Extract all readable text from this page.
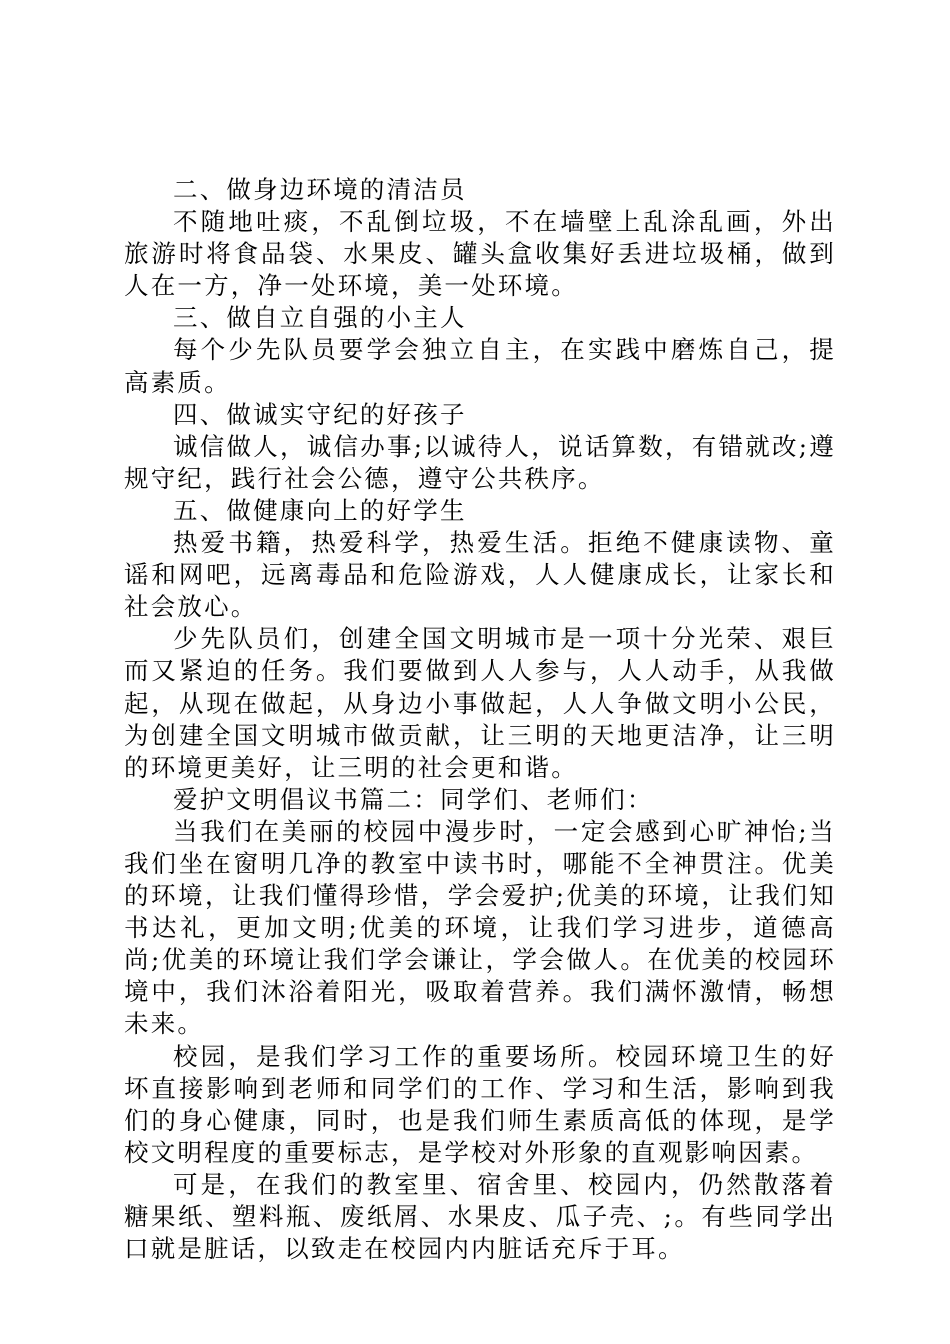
二、做身边环境的清洁员

不随地吐痰，不乱倒垃圾，不在墙壁上乱涂乱画，外出旅游时将食品袋、水果皮、罐头盒收集好丢进垃圾桶，做到人在一方，净一处环境，美一处环境。

三、做自立自强的小主人

每个少先队员要学会独立自主，在实践中磨炼自己，提高素质。

四、做诚实守纪的好孩子

诚信做人，诚信办事;以诚待人，说话算数，有错就改;遵规守纪，践行社会公德，遵守公共秩序。

五、做健康向上的好学生

热爱书籍，热爱科学，热爱生活。拒绝不健康读物、童谣和网吧，远离毒品和危险游戏，人人健康成长，让家长和社会放心。

少先队员们，创建全国文明城市是一项十分光荣、艰巨而又紧迫的任务。我们要做到人人参与，人人动手，从我做起，从现在做起，从身边小事做起，人人争做文明小公民，为创建全国文明城市做贡献，让三明的天地更洁净，让三明的环境更美好，让三明的社会更和谐。

爱护文明倡议书篇二：同学们、老师们：

当我们在美丽的校园中漫步时，一定会感到心旷神怡;当我们坐在窗明几净的教室中读书时，哪能不全神贯注。优美的环境，让我们懂得珍惜，学会爱护;优美的环境，让我们知书达礼，更加文明;优美的环境，让我们学习进步，道德高尚;优美的环境让我们学会谦让，学会做人。在优美的校园环境中，我们沐浴着阳光，吸取着营养。我们满怀激情，畅想未来。

校园，是我们学习工作的重要场所。校园环境卫生的好坏直接影响到老师和同学们的工作、学习和生活，影响到我们的身心健康，同时，也是我们师生素质高低的体现，是学校文明程度的重要标志，是学校对外形象的直观影响因素。

可是，在我们的教室里、宿舍里、校园内，仍然散落着糖果纸、塑料瓶、废纸屑、水果皮、瓜子壳、;。有些同学出口就是脏话，以致走在校园内内脏话充斥于耳。
